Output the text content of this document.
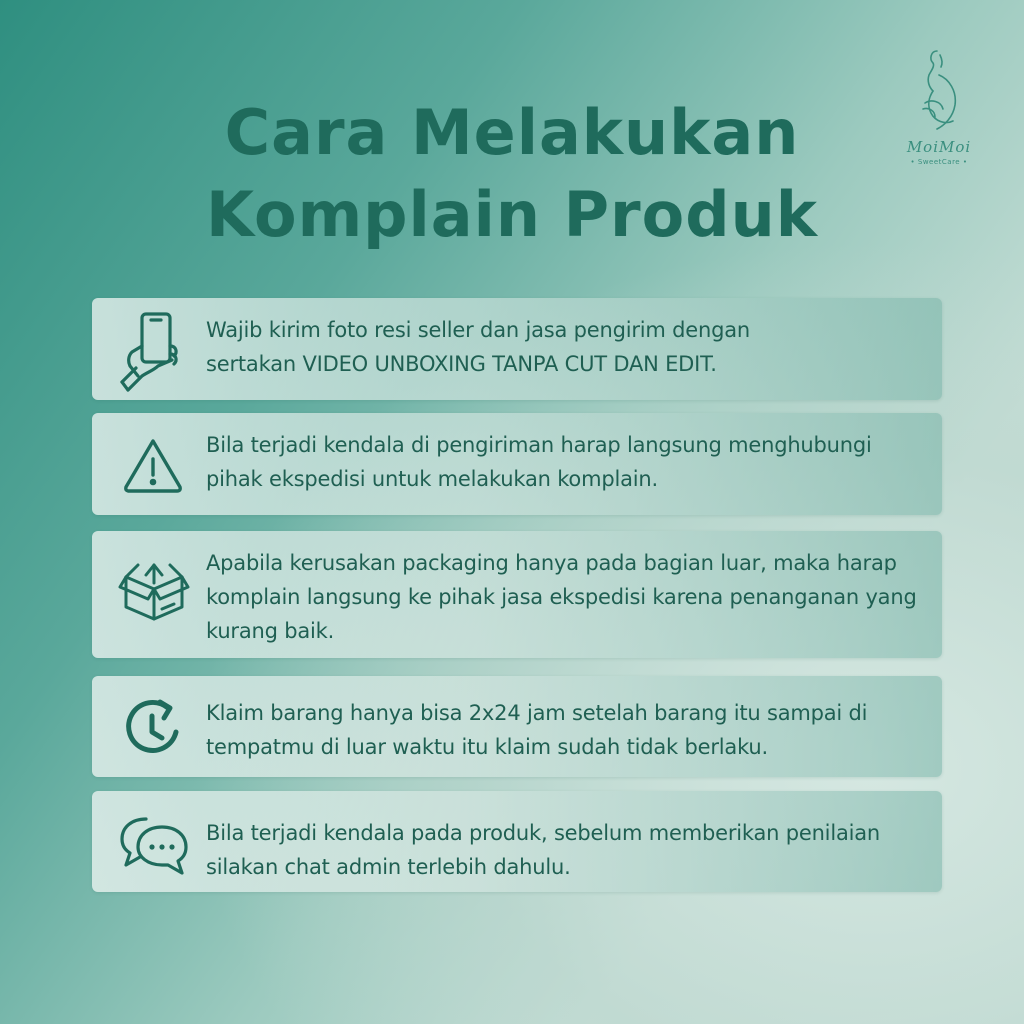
Cara Melakukan
Komplain Produk
MoiMoi
• SweetCare •
Wajib kirim foto resi seller dan jasa pengirim dengan
sertakan VIDEO UNBOXING TANPA CUT DAN EDIT.
Bila terjadi kendala di pengiriman harap langsung menghubungi
pihak ekspedisi untuk melakukan komplain.
Apabila kerusakan packaging hanya pada bagian luar, maka harap
komplain langsung ke pihak jasa ekspedisi karena penanganan yang
kurang baik.
Klaim barang hanya bisa 2x24 jam setelah barang itu sampai di
tempatmu di luar waktu itu klaim sudah tidak berlaku.
Bila terjadi kendala pada produk, sebelum memberikan penilaian
silakan chat admin terlebih dahulu.
